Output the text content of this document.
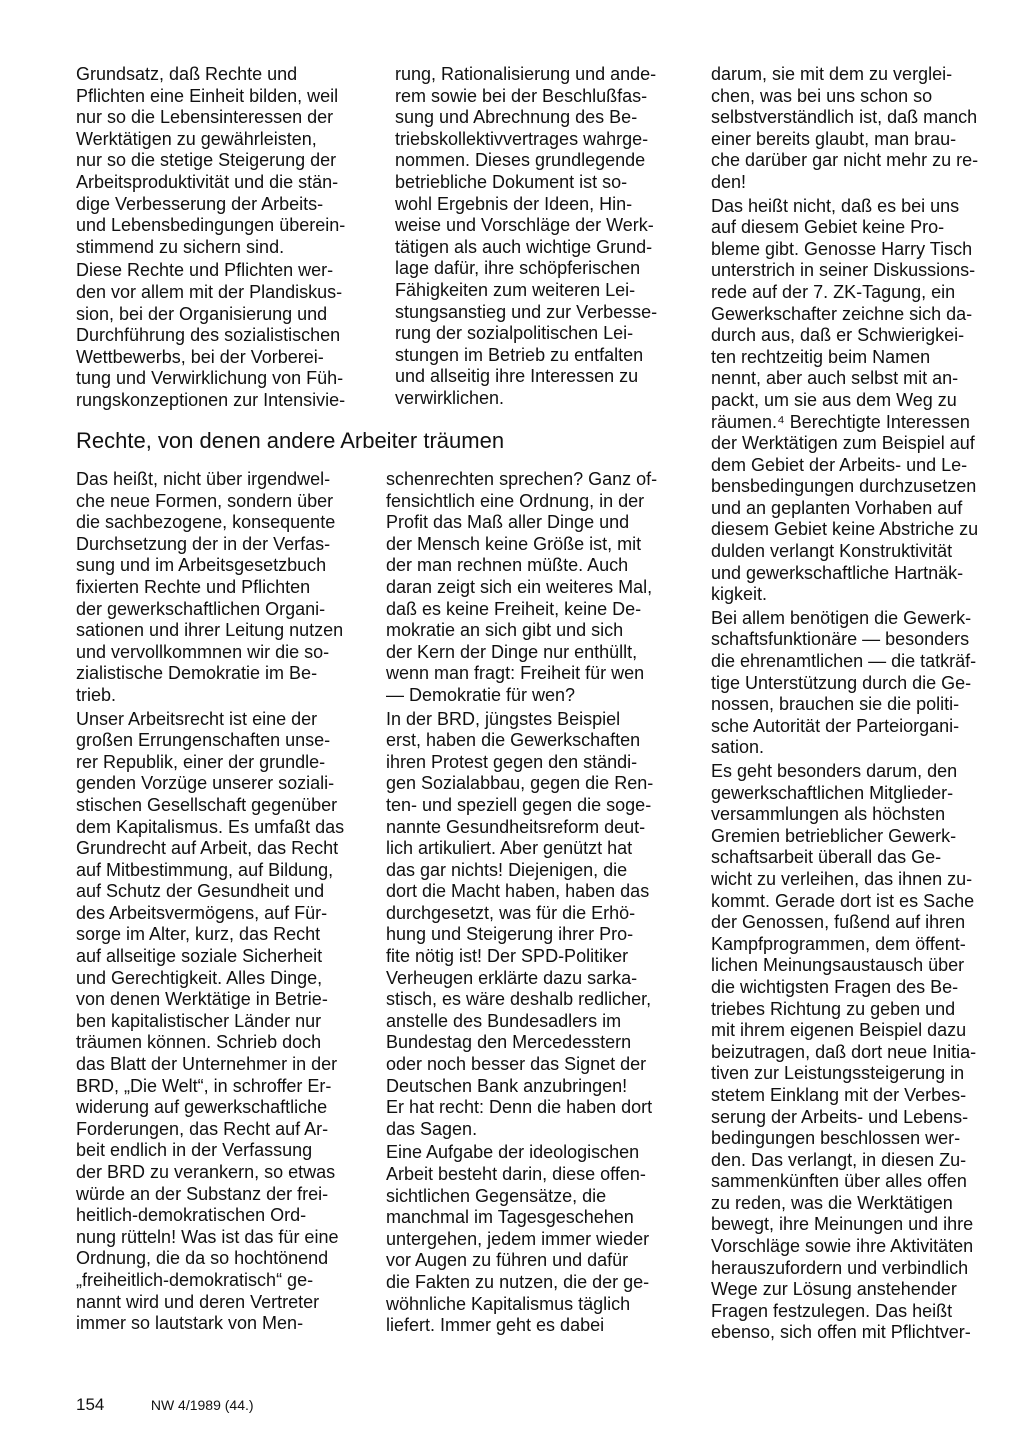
Grundsatz, daß Rechte und
Pflichten eine Einheit bilden, weil
nur so die Lebensinteressen der
Werktätigen zu gewährleisten,
nur so die stetige Steigerung der
Arbeitsproduktivität und die stän-
dige Verbesserung der Arbeits-
und Lebensbedingungen überein-
stimmend zu sichern sind.

Diese Rechte und Pflichten wer-
den vor allem mit der Plandiskus-
sion, bei der Organisierung und
Durchführung des sozialistischen
Wettbewerbs, bei der Vorberei-
tung und Verwirklichung von Füh-
rungskonzeptionen zur Intensivie-

rung, Rationalisierung und ande-
rem sowie bei der Beschlußfas-
sung und Abrechnung des Be-
triebskollektivvertrages wahrge-
nommen. Dieses grundlegende
betriebliche Dokument ist so-
wohl Ergebnis der Ideen, Hin-
weise und Vorschläge der Werk-
tätigen als auch wichtige Grund-
lage dafür, ihre schöpferischen
Fähigkeiten zum weiteren Lei-
stungsanstieg und zur Verbesse-
rung der sozialpolitischen Lei-
stungen im Betrieb zu entfalten
und allseitig ihre Interessen zu
verwirklichen.

darum, sie mit dem zu verglei-
chen, was bei uns schon so
selbstverständlich ist, daß manch
einer bereits glaubt, man brau-
che darüber gar nicht mehr zu re-
den!

Das heißt nicht, daß es bei uns
auf diesem Gebiet keine Pro-
bleme gibt. Genosse Harry Tisch
unterstrich in seiner Diskussions-
rede auf der 7. ZK-Tagung, ein
Gewerkschafter zeichne sich da-
durch aus, daß er Schwierigkei-
ten rechtzeitig beim Namen
nennt, aber auch selbst mit an-
packt, um sie aus dem Weg zu
räumen.⁴ Berechtigte Interessen
der Werktätigen zum Beispiel auf
dem Gebiet der Arbeits- und Le-
bensbedingungen durchzusetzen
und an geplanten Vorhaben auf
diesem Gebiet keine Abstriche zu
dulden verlangt Konstruktivität
und gewerkschaftliche Hartnäk-
kigkeit.

Bei allem benötigen die Gewerk-
schaftsfunktionäre — besonders
die ehrenamtlichen — die tatkräf-
tige Unterstützung durch die Ge-
nossen, brauchen sie die politi-
sche Autorität der Parteiorgani-
sation.

Es geht besonders darum, den
gewerkschaftlichen Mitglieder-
versammlungen als höchsten
Gremien betrieblicher Gewerk-
schaftsarbeit überall das Ge-
wicht zu verleihen, das ihnen zu-
kommt. Gerade dort ist es Sache
der Genossen, fußend auf ihren
Kampfprogrammen, dem öffent-
lichen Meinungsaustausch über
die wichtigsten Fragen des Be-
triebes Richtung zu geben und
mit ihrem eigenen Beispiel dazu
beizutragen, daß dort neue Initia-
tiven zur Leistungssteigerung in
stetem Einklang mit der Verbes-
serung der Arbeits- und Lebens-
bedingungen beschlossen wer-
den. Das verlangt, in diesen Zu-
sammenkünften über alles offen
zu reden, was die Werktätigen
bewegt, ihre Meinungen und ihre
Vorschläge sowie ihre Aktivitäten
herauszufordern und verbindlich
Wege zur Lösung anstehender
Fragen festzulegen. Das heißt
ebenso, sich offen mit Pflichtver-

Rechte, von denen andere Arbeiter träumen

Das heißt, nicht über irgendwel-
che neue Formen, sondern über
die sachbezogene, konsequente
Durchsetzung der in der Verfas-
sung und im Arbeitsgesetzbuch
fixierten Rechte und Pflichten
der gewerkschaftlichen Organi-
sationen und ihrer Leitung nutzen
und vervollkommnen wir die so-
zialistische Demokratie im Be-
trieb.

Unser Arbeitsrecht ist eine der
großen Errungenschaften unse-
rer Republik, einer der grundle-
genden Vorzüge unserer soziali-
stischen Gesellschaft gegenüber
dem Kapitalismus. Es umfaßt das
Grundrecht auf Arbeit, das Recht
auf Mitbestimmung, auf Bildung,
auf Schutz der Gesundheit und
des Arbeitsvermögens, auf Für-
sorge im Alter, kurz, das Recht
auf allseitige soziale Sicherheit
und Gerechtigkeit. Alles Dinge,
von denen Werktätige in Betrie-
ben kapitalistischer Länder nur
träumen können. Schrieb doch
das Blatt der Unternehmer in der
BRD, „Die Welt“, in schroffer Er-
widerung auf gewerkschaftliche
Forderungen, das Recht auf Ar-
beit endlich in der Verfassung
der BRD zu verankern, so etwas
würde an der Substanz der frei-
heitlich-demokratischen Ord-
nung rütteln! Was ist das für eine
Ordnung, die da so hochtönend
„freiheitlich-demokratisch“ ge-
nannt wird und deren Vertreter
immer so lautstark von Men-

schenrechten sprechen? Ganz of-
fensichtlich eine Ordnung, in der
Profit das Maß aller Dinge und
der Mensch keine Größe ist, mit
der man rechnen müßte. Auch
daran zeigt sich ein weiteres Mal,
daß es keine Freiheit, keine De-
mokratie an sich gibt und sich
der Kern der Dinge nur enthüllt,
wenn man fragt: Freiheit für wen
— Demokratie für wen?

In der BRD, jüngstes Beispiel
erst, haben die Gewerkschaften
ihren Protest gegen den ständi-
gen Sozialabbau, gegen die Ren-
ten- und speziell gegen die soge-
nannte Gesundheitsreform deut-
lich artikuliert. Aber genützt hat
das gar nichts! Diejenigen, die
dort die Macht haben, haben das
durchgesetzt, was für die Erhö-
hung und Steigerung ihrer Pro-
fite nötig ist! Der SPD-Politiker
Verheugen erklärte dazu sarka-
stisch, es wäre deshalb redlicher,
anstelle des Bundesadlers im
Bundestag den Mercedesstern
oder noch besser das Signet der
Deutschen Bank anzubringen!
Er hat recht: Denn die haben dort
das Sagen.

Eine Aufgabe der ideologischen
Arbeit besteht darin, diese offen-
sichtlichen Gegensätze, die
manchmal im Tagesgeschehen
untergehen, jedem immer wieder
vor Augen zu führen und dafür
die Fakten zu nutzen, die der ge-
wöhnliche Kapitalismus täglich
liefert. Immer geht es dabei

154	NW 4/1989 (44.)
